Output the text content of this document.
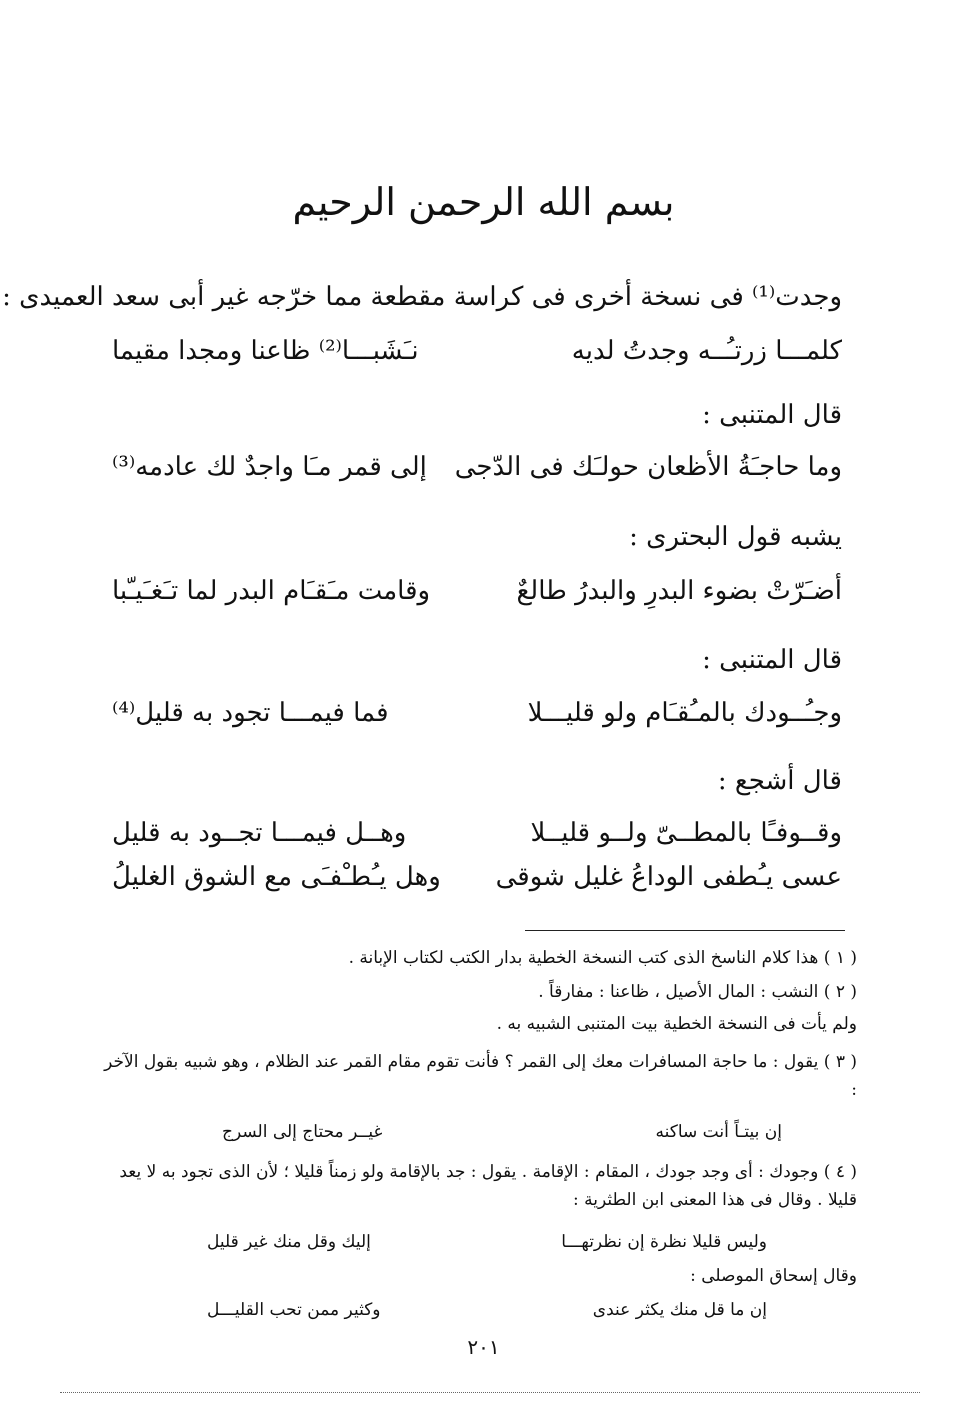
بسم الله الرحمن الرحيم
وجدت⁽¹⁾ فى نسخة أخرى فى كراسة مقطعة مما خرّجه غير أبى سعد العميدى :
كلمـــا زرتـُــه وجدتُ لديه
نـَشَبـــا⁽²⁾ ظاعنا ومجدا مقيما
قال المتنبى :
وما حاجـَةُ الأظعان حولـَك فى الدّجى
إلى قمر مـَا واجدٌ لك عادمه⁽³⁾
يشبه قول البحترى :
أضـَرّتْ بضوء البدرِ والبدرُ طالعٌ
وقامت مـَقـَام البدر لما تـَغـَيـّبا
قال المتنبى :
وجـُــودك بالمـُقـَام ولو قليـــلا
فما فيمـــا تجود به قليل⁽⁴⁾
قال أشجع :
وقــوفـًا بالمطــىّ ولــو قليــلا
وهــل فيمـــا تجــود به قليل
عسى يـُطفى الوداعُ غليل شوقى
وهل يـُطـْفـَى مع الشوق الغليلُ
( ١ ) هذا كلام الناسخ الذى كتب النسخة الخطية بدار الكتب لكتاب الإبانة .
( ٢ ) النشب : المال الأصيل ، ظاعنا : مفارقاً .
ولم يأت فى النسخة الخطية بيت المتنبى الشبيه به .
( ٣ ) يقول : ما حاجة المسافرات معك إلى القمر ؟ فأنت تقوم مقام القمر عند الظلام ، وهو شبيه بقول الآخر :
إن بيتـاً أنت ساكنه
غيــر محتاج إلى السرج
( ٤ ) وجودك : أى وجد جودك ، المقام : الإقامة . يقول : جد بالإقامة ولو زمناً قليلا ؛ لأن الذى تجود به لا يعد قليلا . وقال فى هذا المعنى ابن الطثرية :
وليس قليلا نظرة إن نظرتهـــا
إليك وقل منك غير قليل
وقال إسحاق الموصلى :
إن ما قل منك يكثر عندى
وكثير ممن تحب القليـــل
٢٠١
